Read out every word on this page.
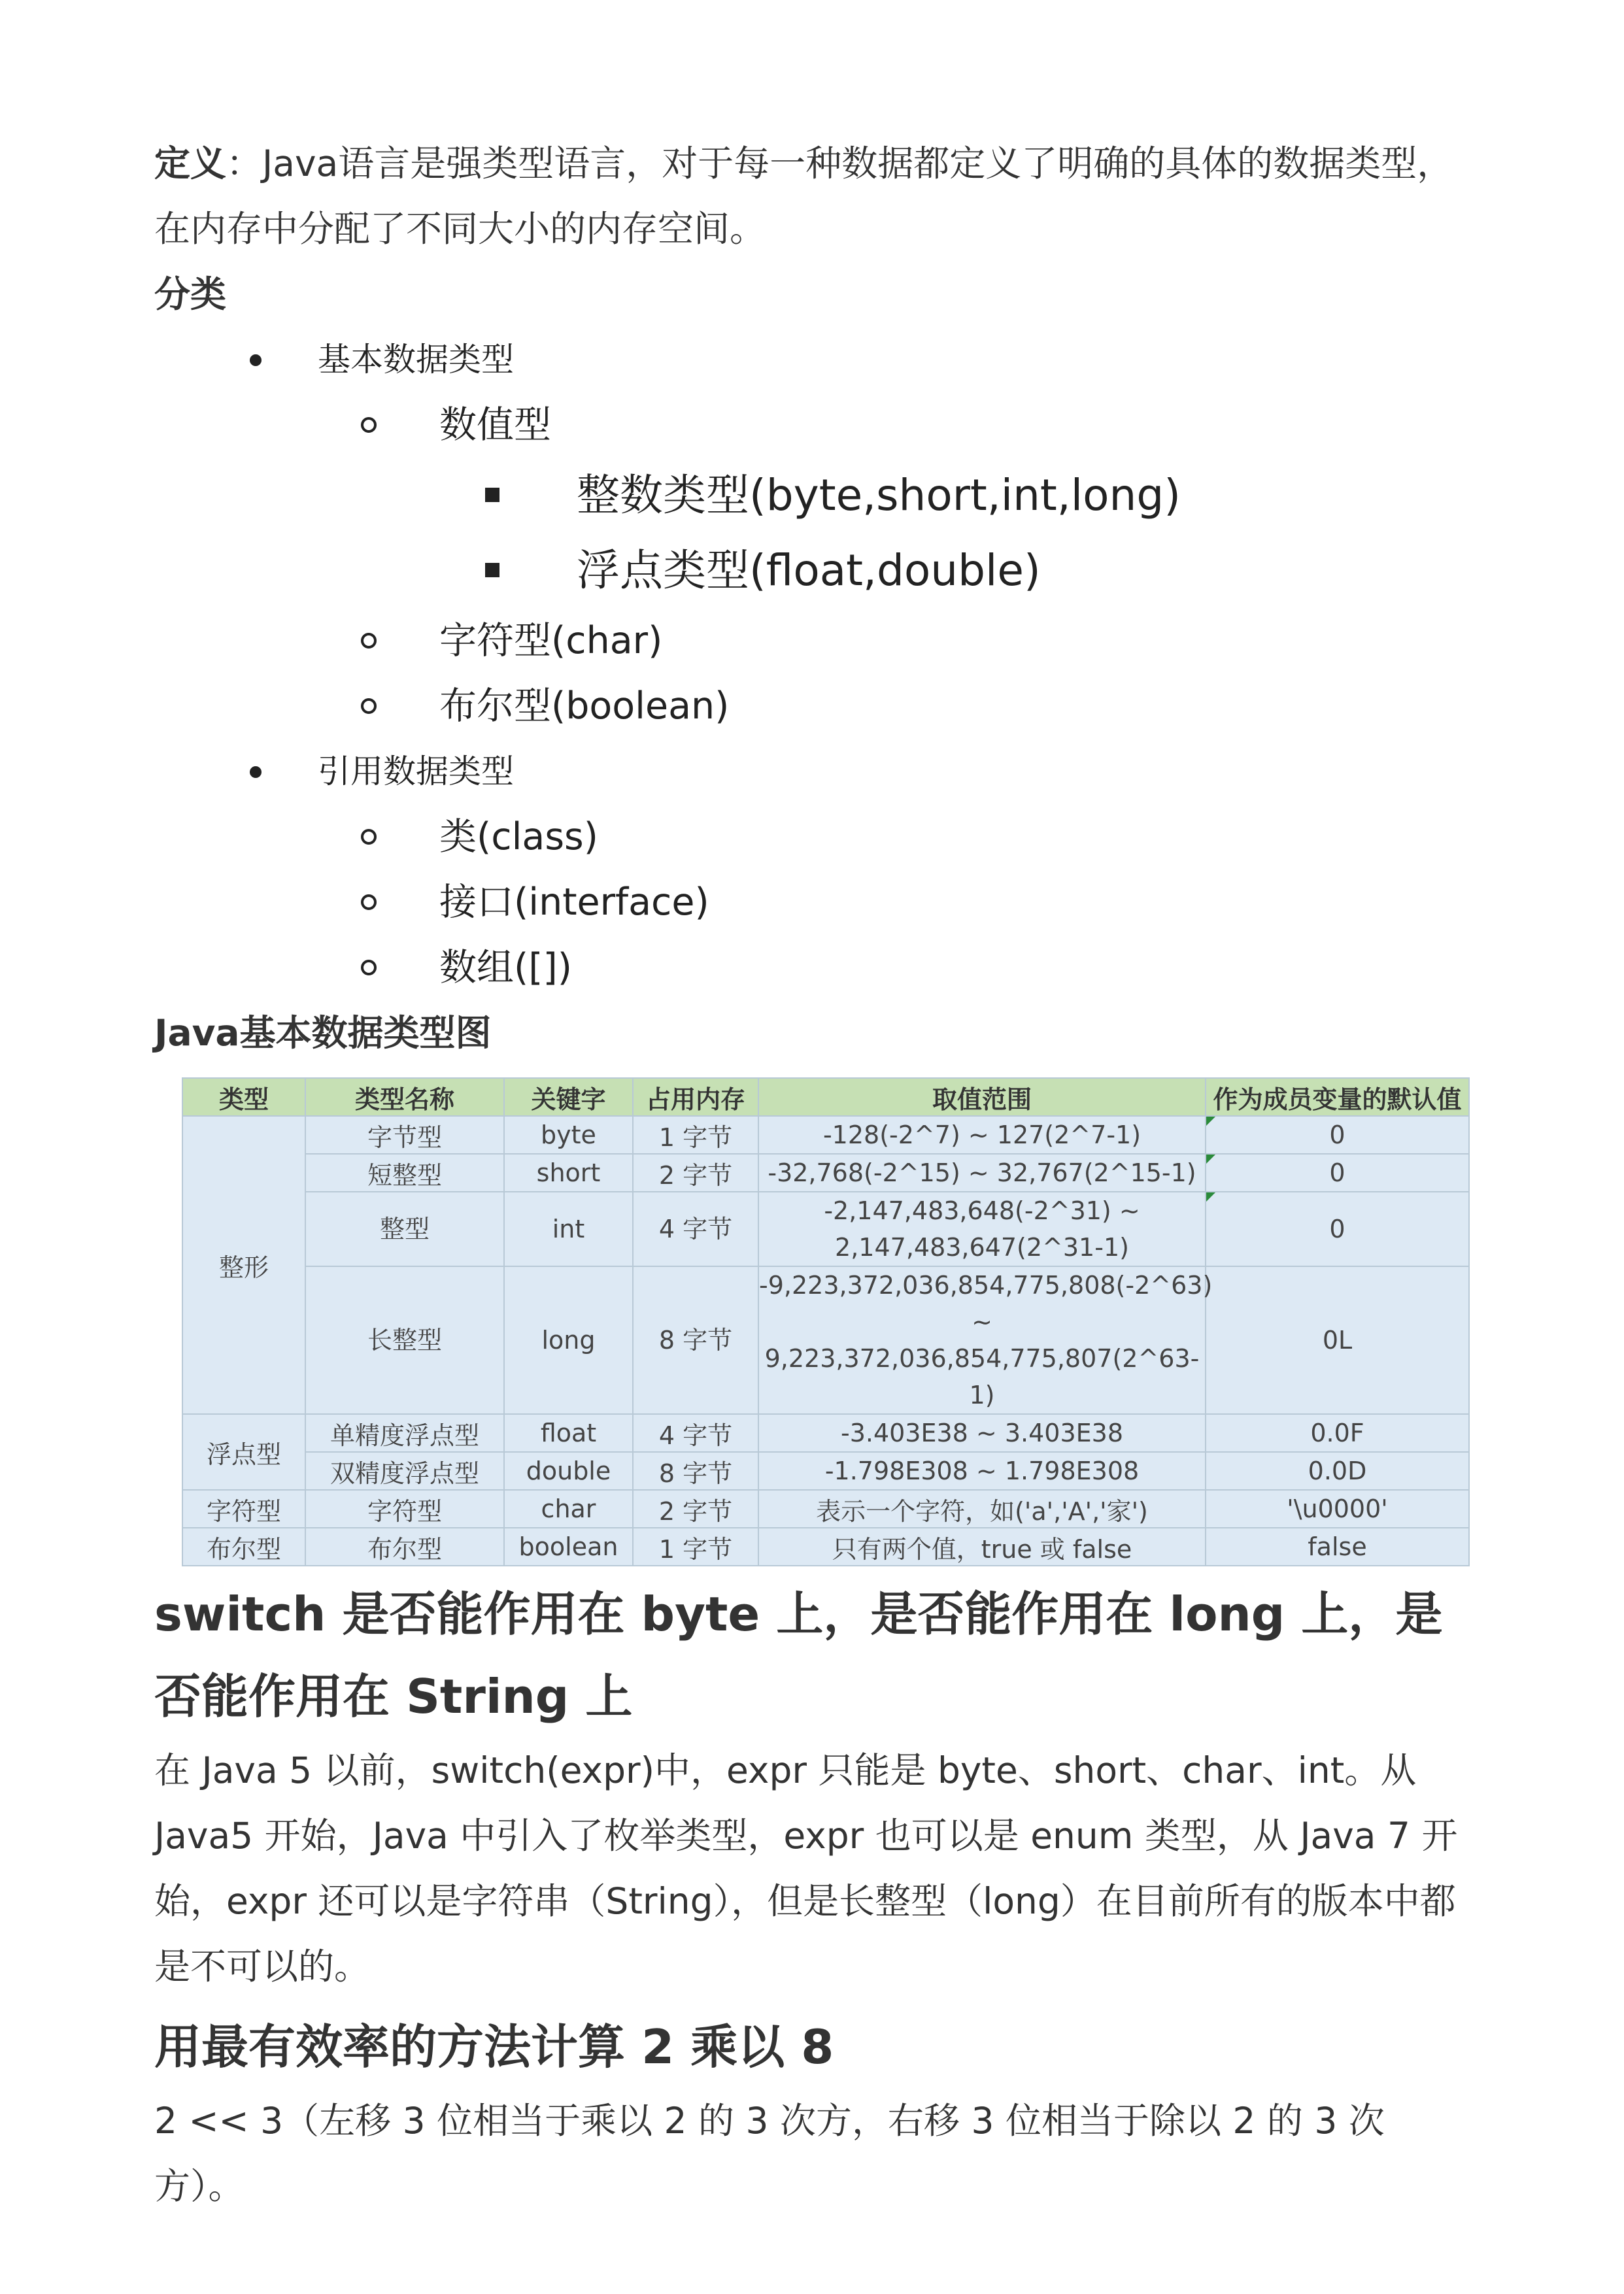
定义：Java语言是强类型语言，对于每一种数据都定义了明确的具体的数据类型，在内存中分配了不同大小的内存空间。

分类

基本数据类型
数值型
整数类型(byte,short,int,long)
浮点类型(float,double)
字符型(char)
布尔型(boolean)
引用数据类型
类(class)
接口(interface)
数组([])

Java基本数据类型图

类型	类型名称	关键字	占用内存	取值范围	作为成员变量的默认值
整形	字节型	byte	1 字节	-128(-2^7) ~ 127(2^7-1)	0
	短整型	short	2 字节	-32,768(-2^15) ~ 32,767(2^15-1)	0
	整型	int	4 字节	-2,147,483,648(-2^31) ~
2,147,483,647(2^31-1)	0
	长整型	long	8 字节	-9,223,372,036,854,775,808(-2^63) ~
9,223,372,036,854,775,807(2^63-1)	0L
浮点型	单精度浮点型	float	4 字节	-3.403E38 ~ 3.403E38	0.0F
	双精度浮点型	double	8 字节	-1.798E308 ~ 1.798E308	0.0D
字符型	字符型	char	2 字节	表示一个字符，如('a','A','家')	'\u0000'
布尔型	布尔型	boolean	1 字节	只有两个值，true 或 false	false
switch 是否能作用在 byte 上，是否能作用在 long 上，是否能作用在 String 上

在 Java 5 以前，switch(expr)中，expr 只能是 byte、short、char、int。从 Java5 开始，Java 中引入了枚举类型，expr 也可以是 enum 类型，从 Java 7 开始，expr 还可以是字符串（String），但是长整型（long）在目前所有的版本中都是不可以的。

用最有效率的方法计算 2 乘以 8

2 << 3（左移 3 位相当于乘以 2 的 3 次方，右移 3 位相当于除以 2 的 3 次方）。
